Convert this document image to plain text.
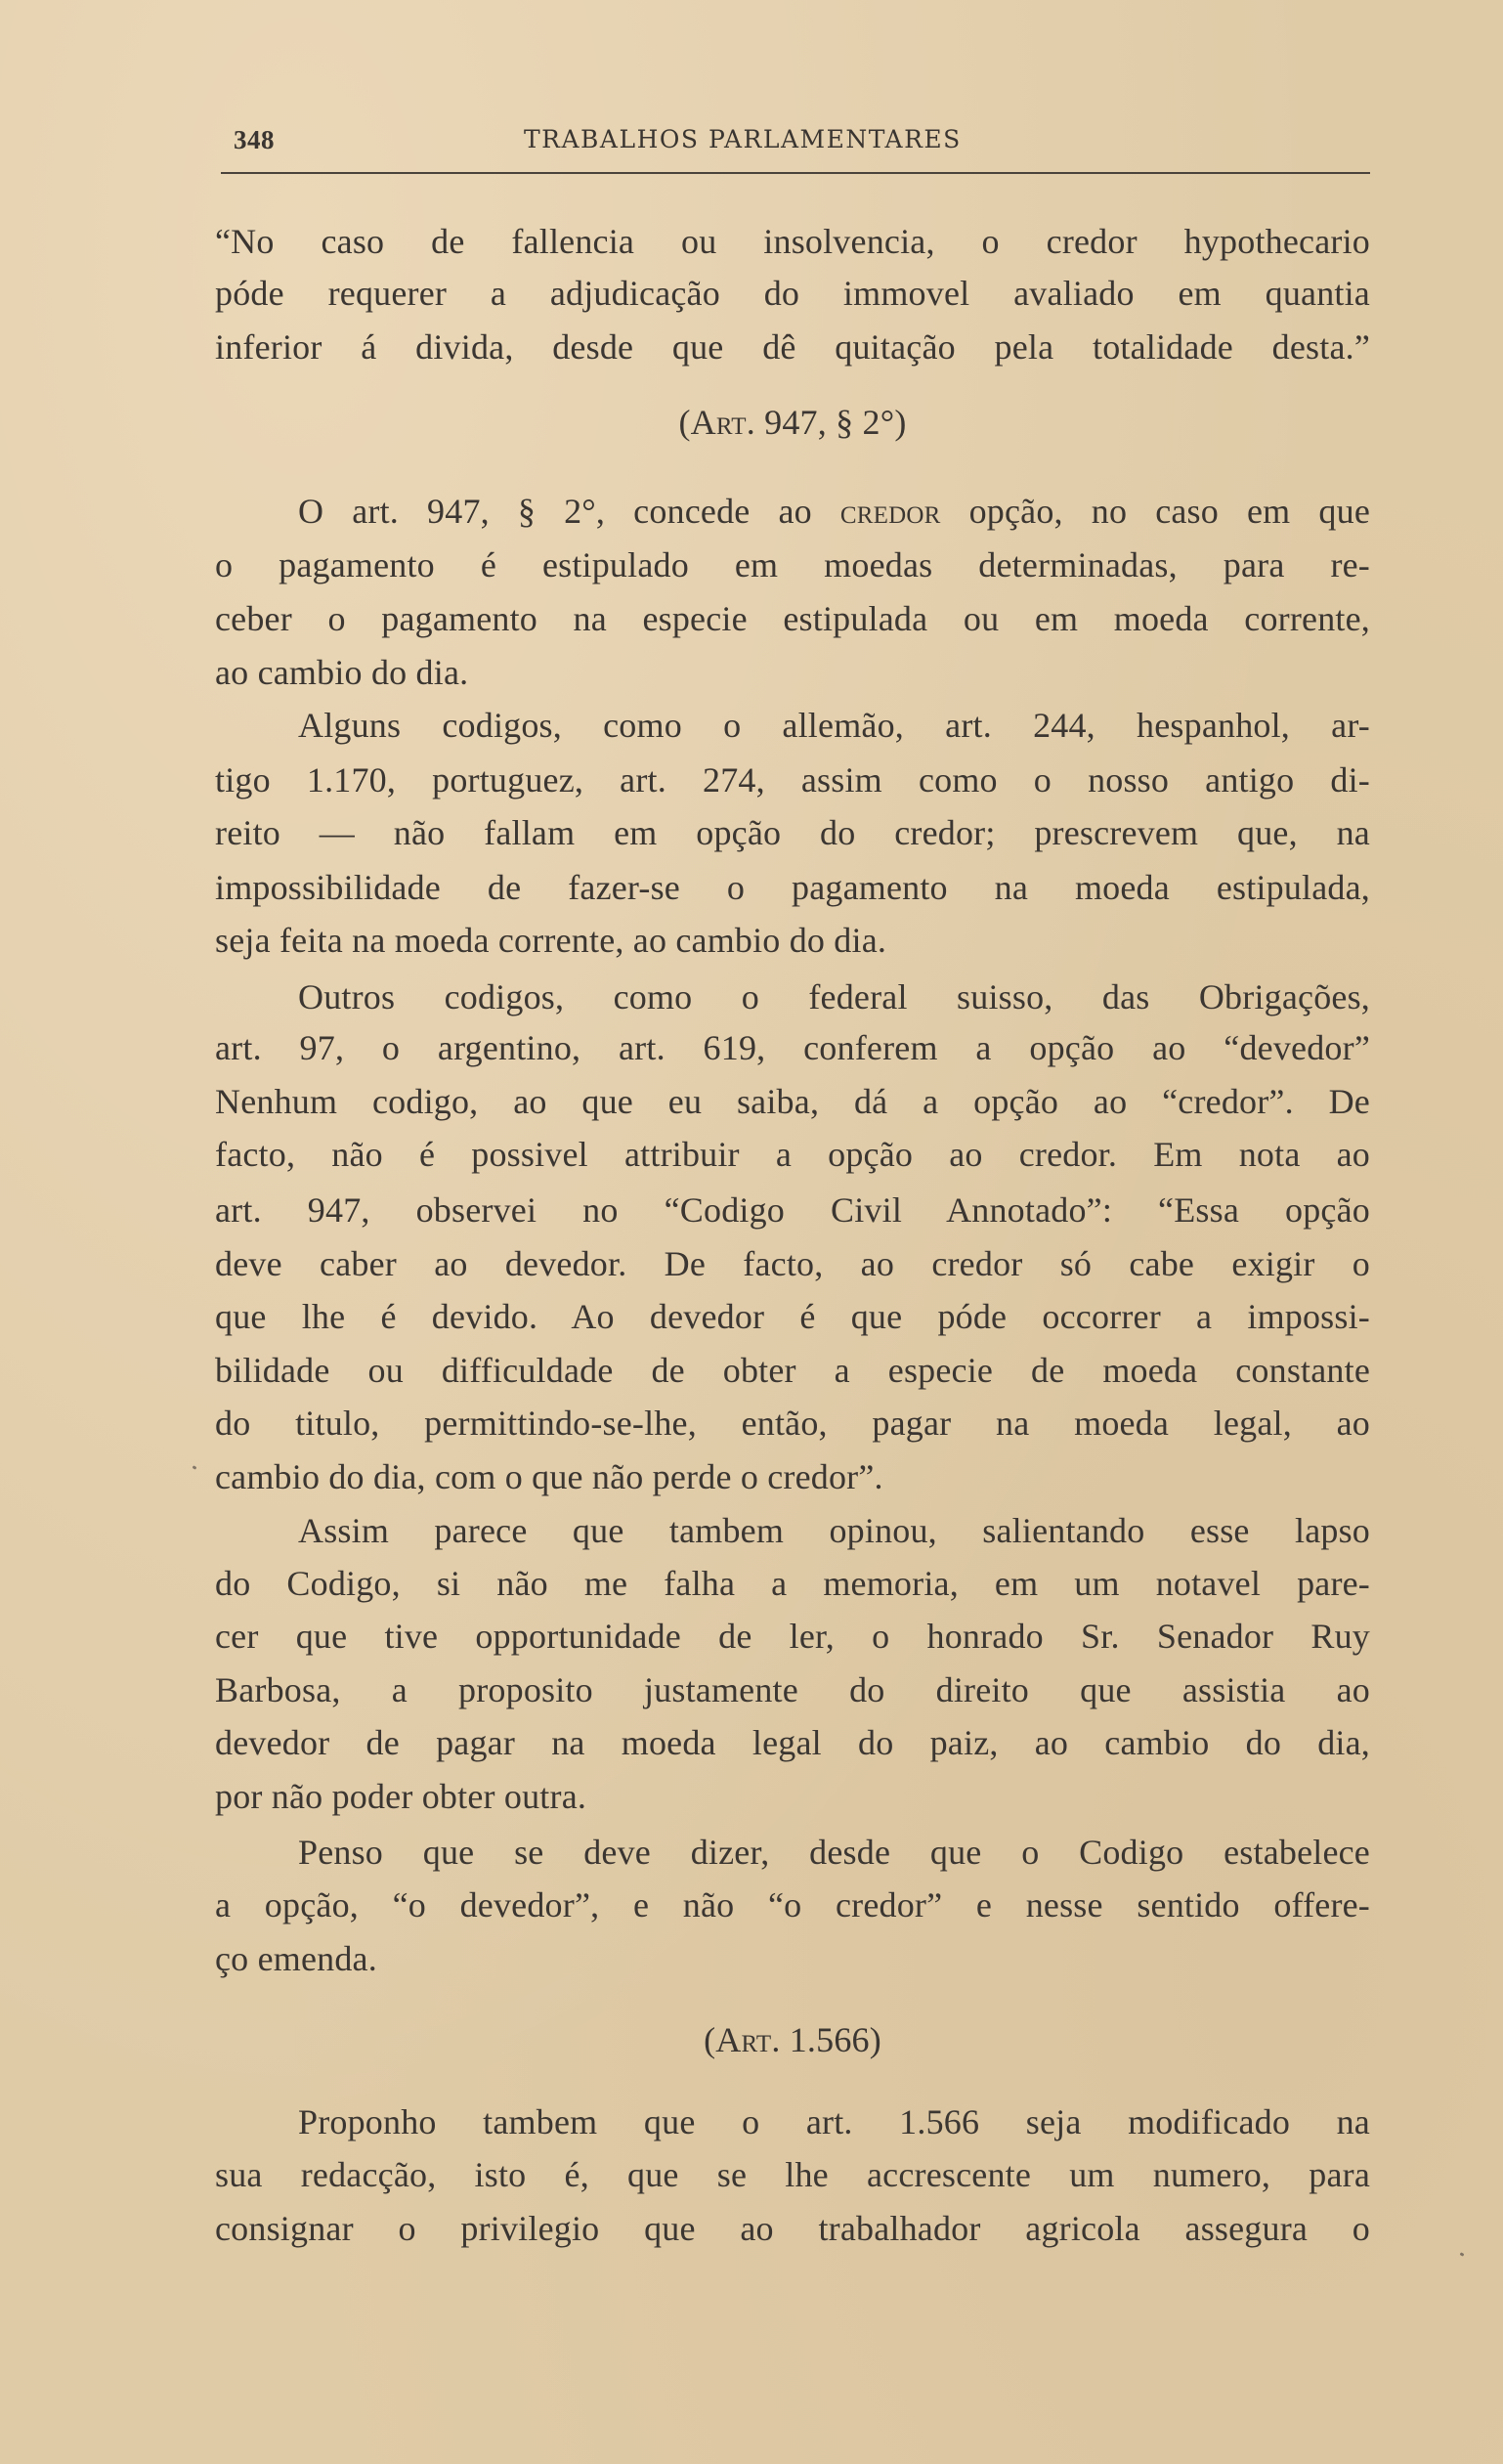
348	TRABALHOS PARLAMENTARES
“No caso de fallencia ou insolvencia, o credor hypothecario
póde requerer a adjudicação do immovel avaliado em quantia
inferior á divida, desde que dê quitação pela totalidade desta.”
(Art. 947, § 2°)
O art. 947, § 2°, concede ao credor opção, no caso em que
o pagamento é estipulado em moedas determinadas, para re-
ceber o pagamento na especie estipulada ou em moeda corrente,
ao cambio do dia.
Alguns codigos, como o allemão, art. 244, hespanhol, ar-
tigo 1.170, portuguez, art. 274, assim como o nosso antigo di-
reito — não fallam em opção do credor; prescrevem que, na
impossibilidade de fazer-se o pagamento na moeda estipulada,
seja feita na moeda corrente, ao cambio do dia.
Outros codigos, como o federal suisso, das Obrigações,
art. 97, o argentino, art. 619, conferem a opção ao “devedor”
Nenhum codigo, ao que eu saiba, dá a opção ao “credor”. De
facto, não é possivel attribuir a opção ao credor. Em nota ao
art. 947, observei no “Codigo Civil Annotado”: “Essa opção
deve caber ao devedor. De facto, ao credor só cabe exigir o
que lhe é devido. Ao devedor é que póde occorrer a impossi-
bilidade ou difficuldade de obter a especie de moeda constante
do titulo, permittindo-se-lhe, então, pagar na moeda legal, ao
cambio do dia, com o que não perde o credor”.
Assim parece que tambem opinou, salientando esse lapso
do Codigo, si não me falha a memoria, em um notavel pare-
cer que tive opportunidade de ler, o honrado Sr. Senador Ruy
Barbosa, a proposito justamente do direito que assistia ao
devedor de pagar na moeda legal do paiz, ao cambio do dia,
por não poder obter outra.
Penso que se deve dizer, desde que o Codigo estabelece
a opção, “o devedor”, e não “o credor” e nesse sentido offere-
ço emenda.
(Art. 1.566)
Proponho tambem que o art. 1.566 seja modificado na
sua redacção, isto é, que se lhe accrescente um numero, para
consignar o privilegio que ao trabalhador agricola assegura o
